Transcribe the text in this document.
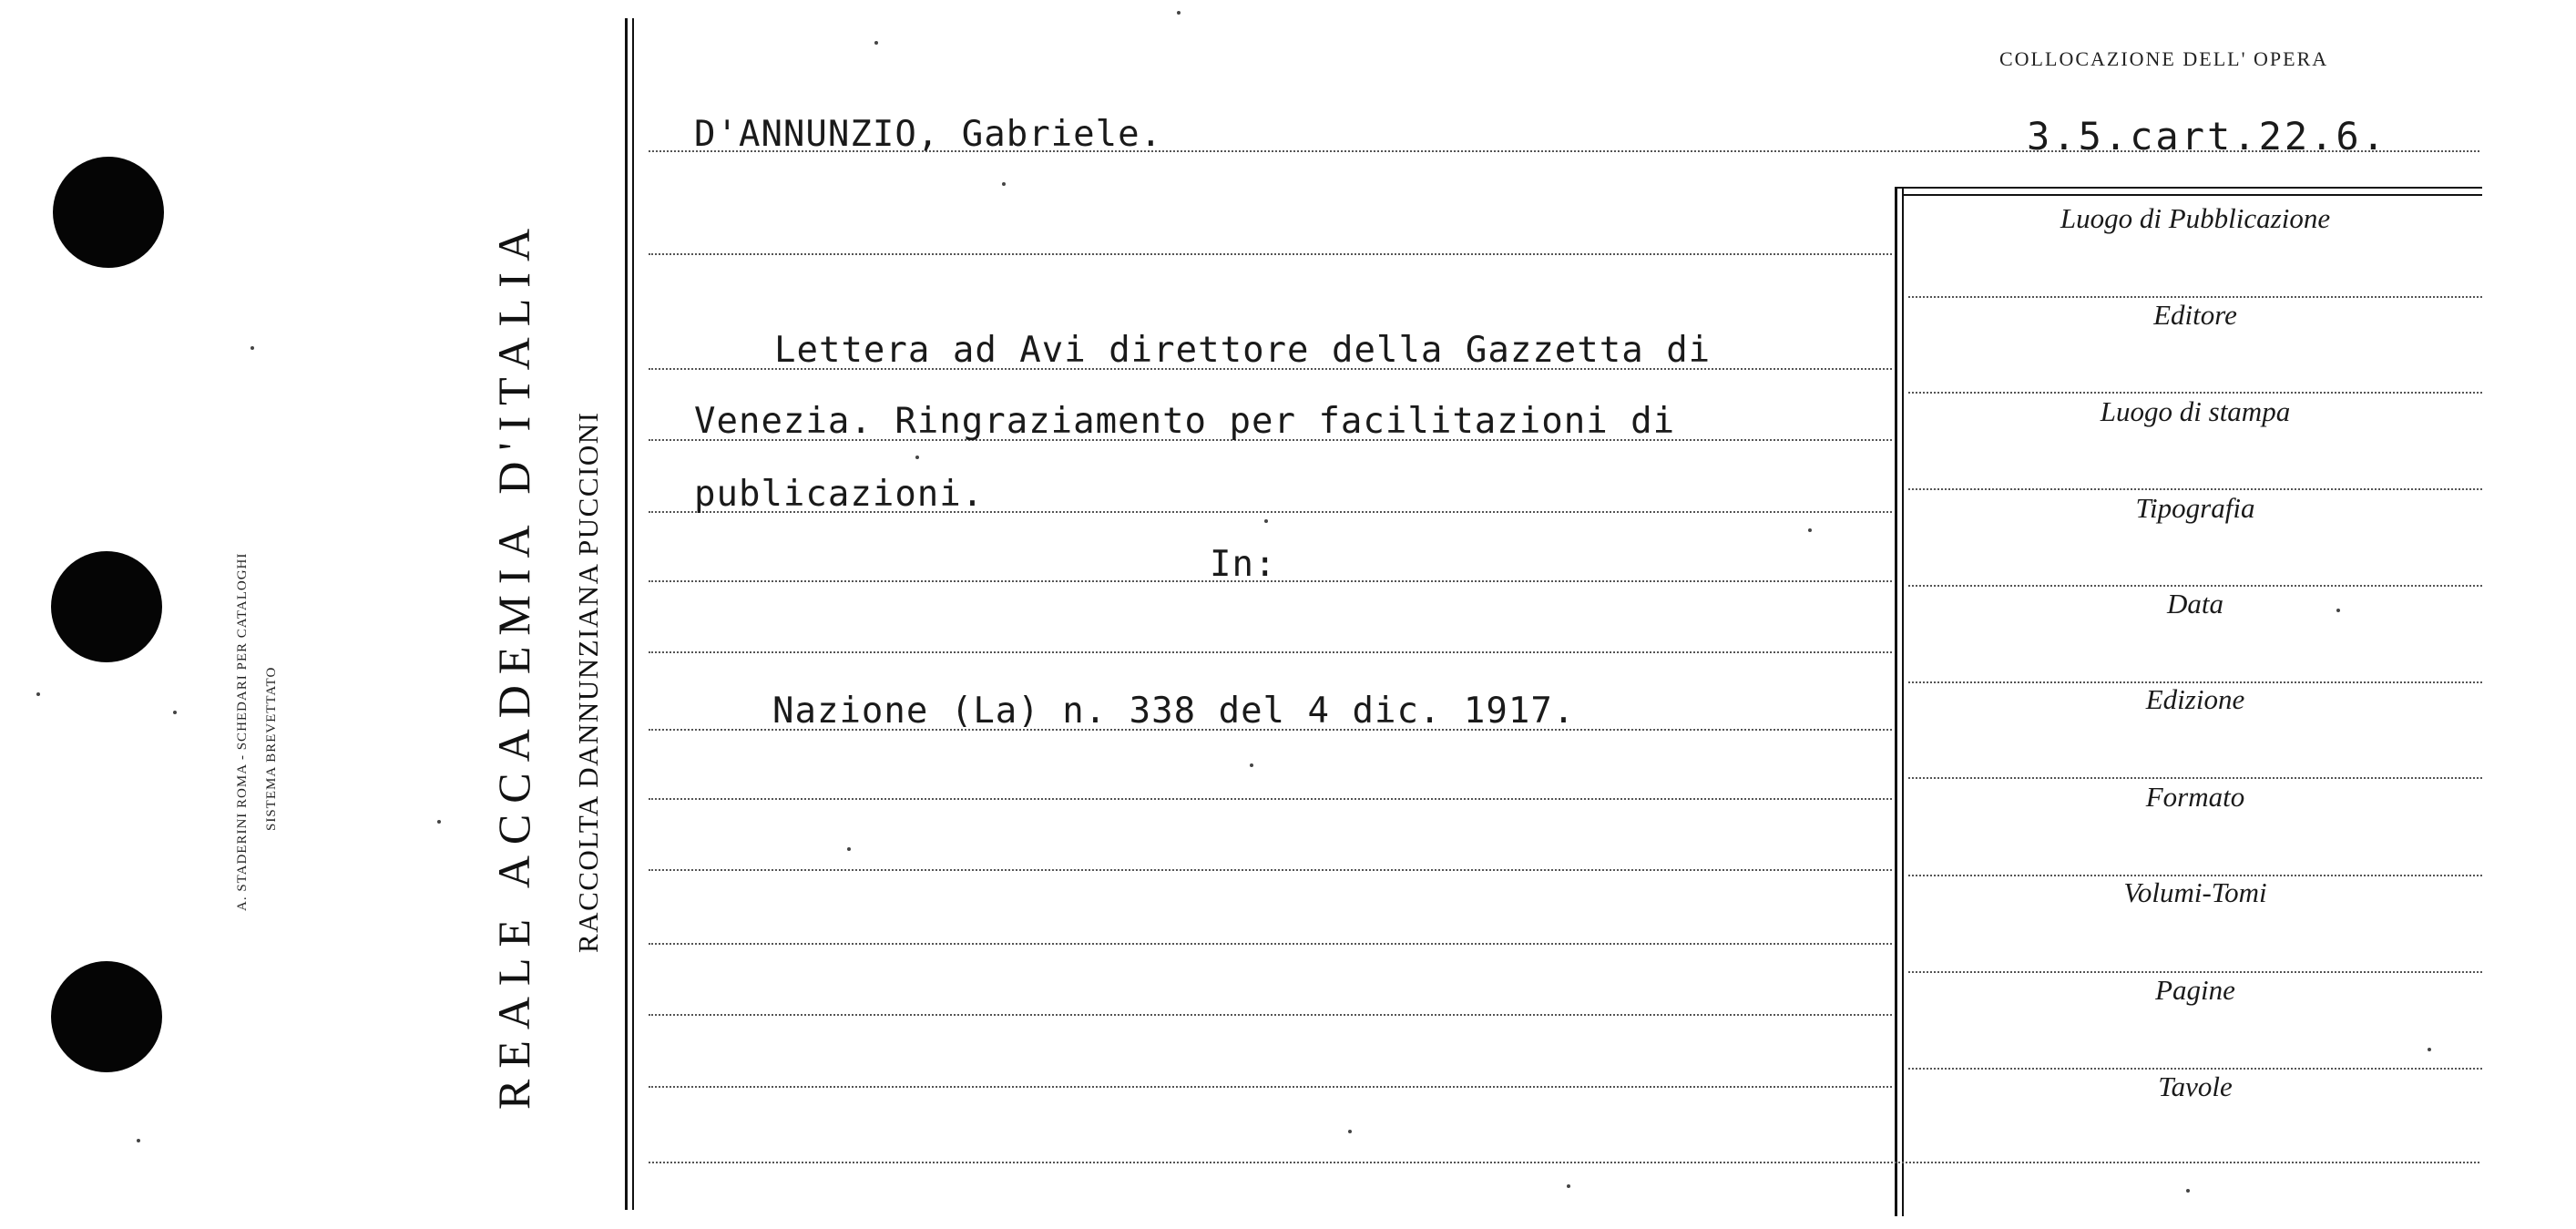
A. STADERINI ROMA - SCHEDARI PER CATALOGHI SISTEMA BREVETTATO	REALE ACCADEMIA D'ITALIA RACCOLTA DANNUNZIANA PUCCIONI
COLLOCAZIONE DELL' OPERA
3.5.cart.22.6.
D'ANNUNZIO, Gabriele.
Lettera ad Avi direttore della Gazzetta di
Venezia. Ringraziamento per facilitazioni di
publicazioni.
In:
Nazione (La) n. 338 del 4 dic. 1917.
Luogo di Pubblicazione
Editore
Luogo di stampa
Tipografia
Data
Edizione
Formato
Volumi-Tomi
Pagine
Tavole
